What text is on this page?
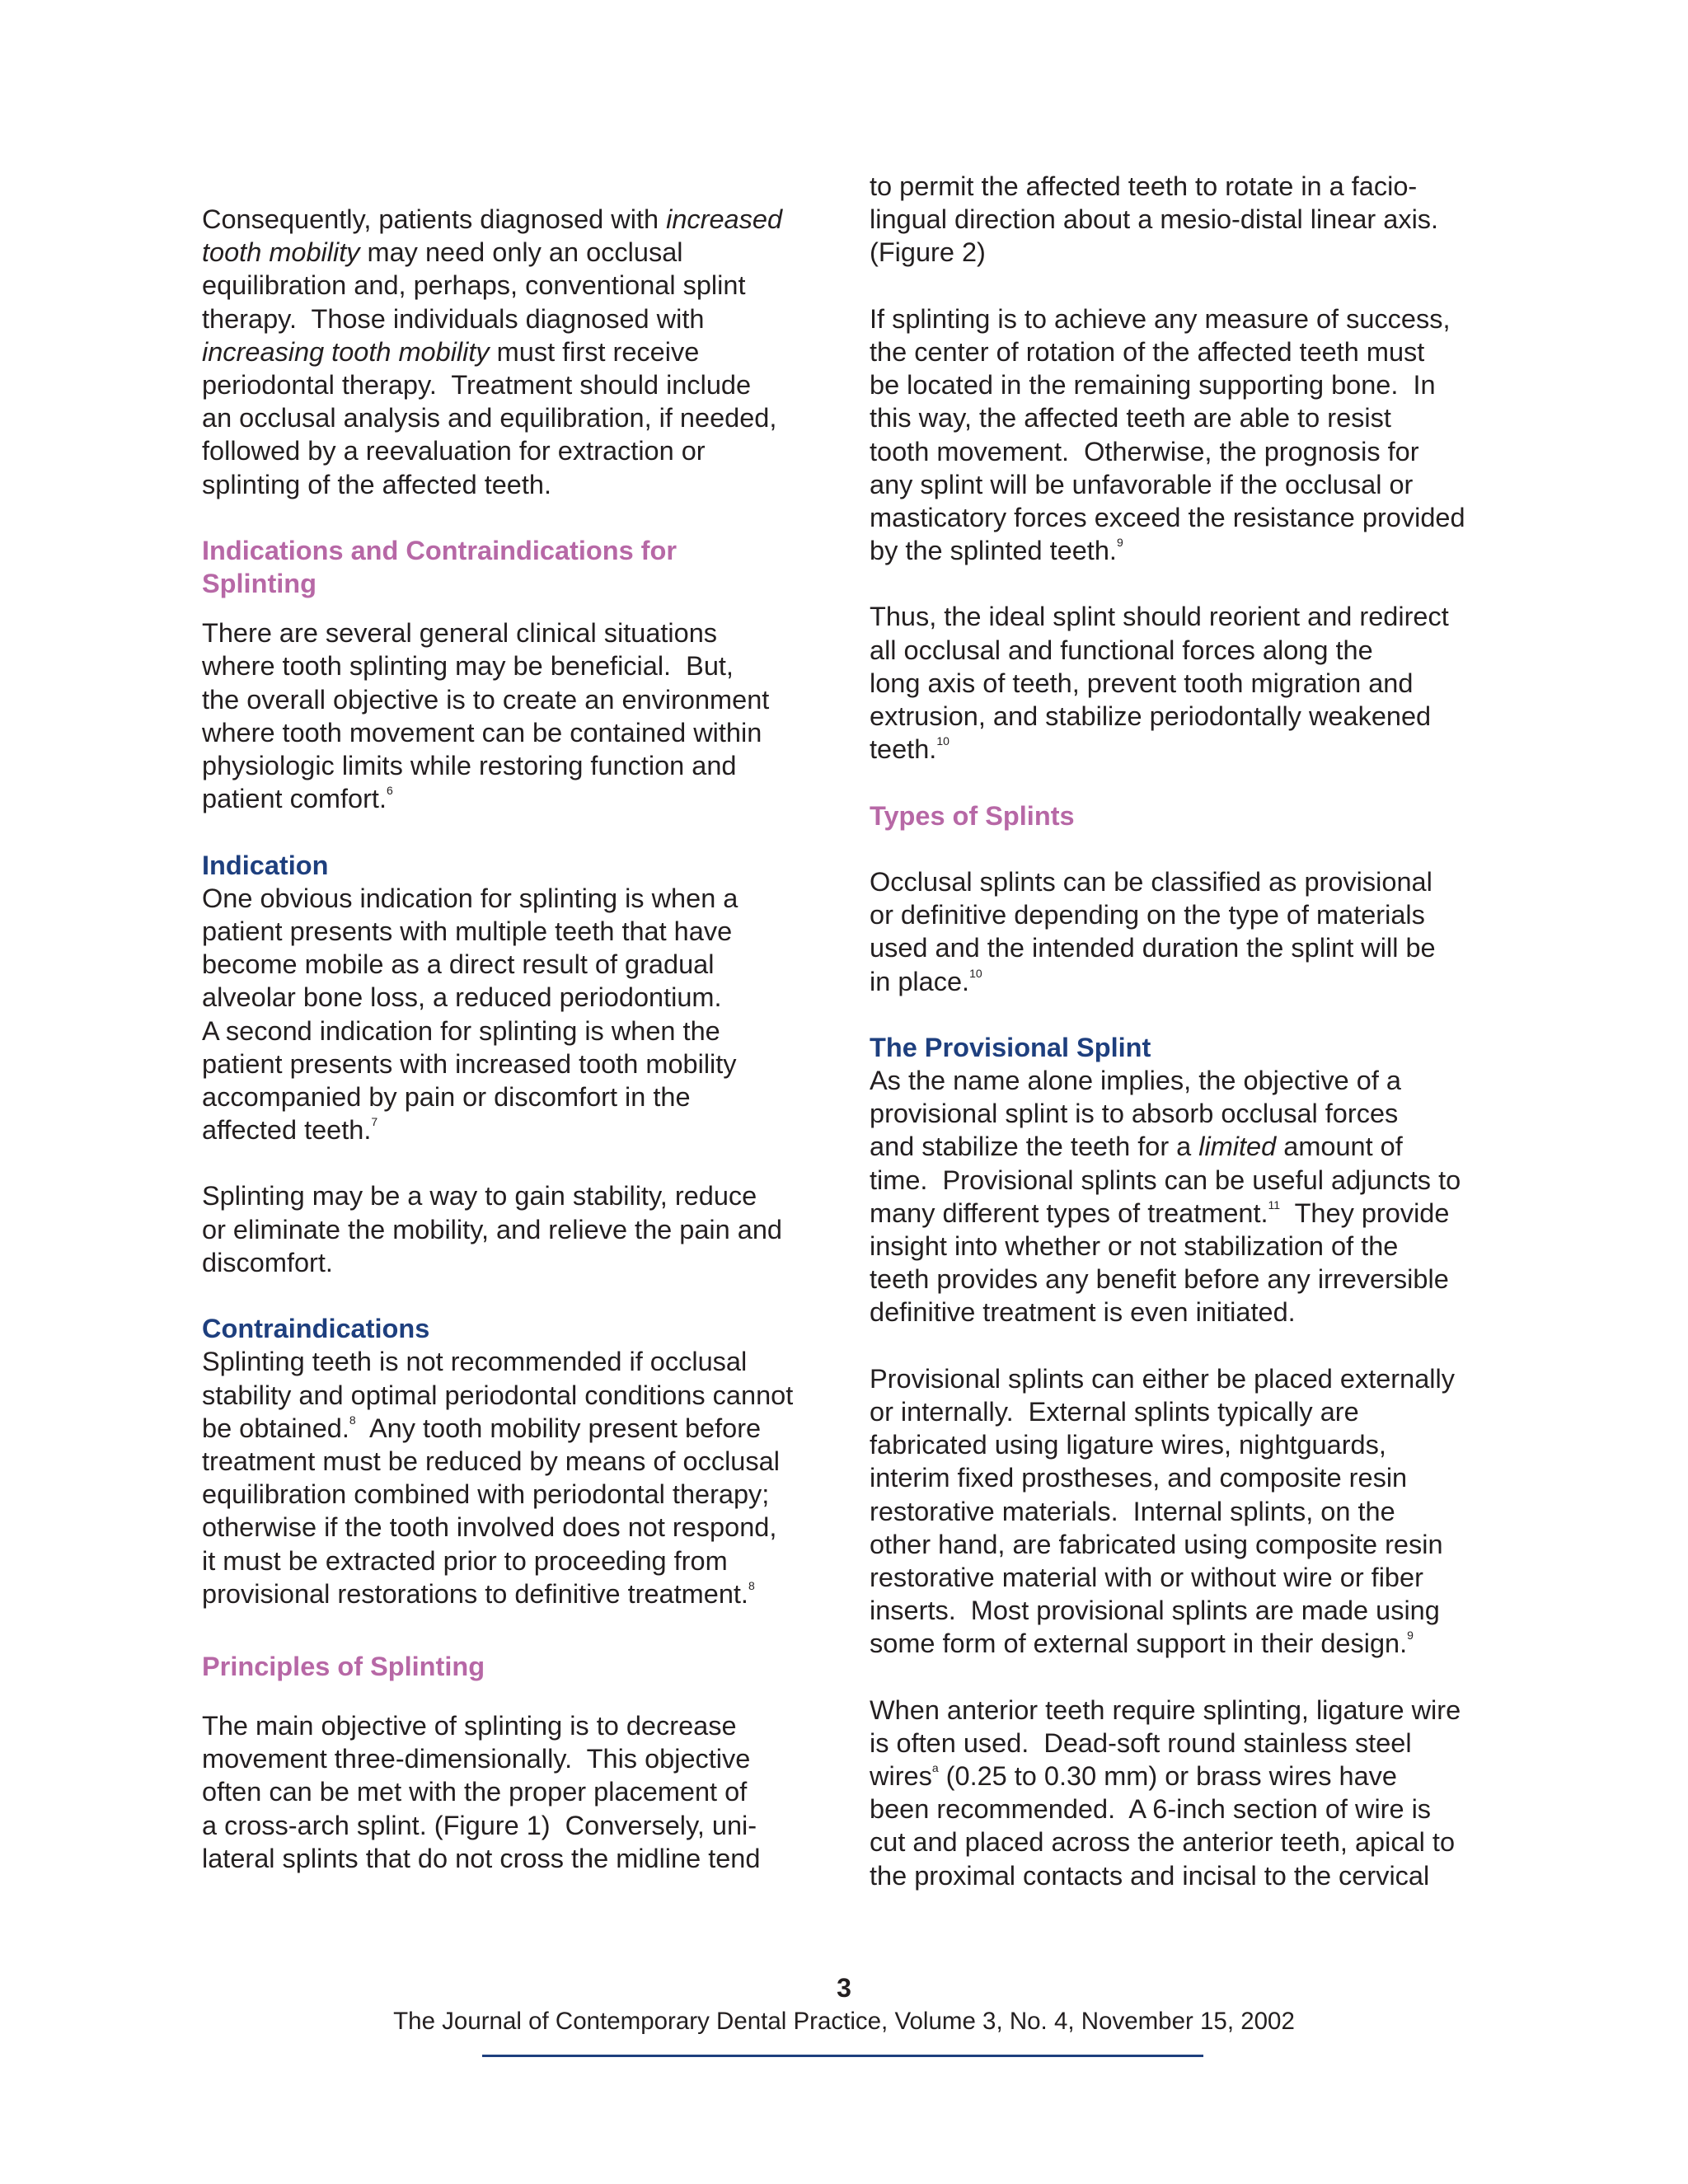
Consequently, patients diagnosed with increased
tooth mobility may need only an occlusal
equilibration and, perhaps, conventional splint
therapy.  Those individuals diagnosed with
increasing tooth mobility must first receive
periodontal therapy.  Treatment should include
an occlusal analysis and equilibration, if needed,
followed by a reevaluation for extraction or
splinting of the affected teeth.
Indications and Contraindications for
Splinting
There are several general clinical situations
where tooth splinting may be beneficial.  But,
the overall objective is to create an environment
where tooth movement can be contained within
physiologic limits while restoring function and
patient comfort.$^6$
Indication
One obvious indication for splinting is when a
patient presents with multiple teeth that have
become mobile as a direct result of gradual
alveolar bone loss, a reduced periodontium.
A second indication for splinting is when the
patient presents with increased tooth mobility
accompanied by pain or discomfort in the
affected teeth.$^7$
Splinting may be a way to gain stability, reduce
or eliminate the mobility, and relieve the pain and
discomfort.
Contraindications
Splinting teeth is not recommended if occlusal
stability and optimal periodontal conditions cannot
be obtained.$^8$  Any tooth mobility present before
treatment must be reduced by means of occlusal
equilibration combined with periodontal therapy;
otherwise if the tooth involved does not respond,
it must be extracted prior to proceeding from
provisional restorations to definitive treatment.$^8$
Principles of Splinting
The main objective of splinting is to decrease
movement three-dimensionally.  This objective
often can be met with the proper placement of
a cross-arch splint. (Figure 1)  Conversely, uni-
lateral splints that do not cross the midline tend
to permit the affected teeth to rotate in a facio-
lingual direction about a mesio-distal linear axis.
(Figure 2)
If splinting is to achieve any measure of success,
the center of rotation of the affected teeth must
be located in the remaining supporting bone.  In
this way, the affected teeth are able to resist
tooth movement.  Otherwise, the prognosis for
any splint will be unfavorable if the occlusal or
masticatory forces exceed the resistance provided
by the splinted teeth.$^9$
Thus, the ideal splint should reorient and redirect
all occlusal and functional forces along the
long axis of teeth, prevent tooth migration and
extrusion, and stabilize periodontally weakened
teeth.$^{10}$
Types of Splints
Occlusal splints can be classified as provisional
or definitive depending on the type of materials
used and the intended duration the splint will be
in place.$^{10}$
The Provisional Splint
As the name alone implies, the objective of a
provisional splint is to absorb occlusal forces
and stabilize the teeth for a limited amount of
time.  Provisional splints can be useful adjuncts to
many different types of treatment.$^{11}$  They provide
insight into whether or not stabilization of the
teeth provides any benefit before any irreversible
definitive treatment is even initiated.
Provisional splints can either be placed externally
or internally.  External splints typically are
fabricated using ligature wires, nightguards,
interim fixed prostheses, and composite resin
restorative materials.  Internal splints, on the
other hand, are fabricated using composite resin
restorative material with or without wire or fiber
inserts.  Most provisional splints are made using
some form of external support in their design.$^9$
When anterior teeth require splinting, ligature wire
is often used.  Dead-soft round stainless steel
wires$^a$ (0.25 to 0.30 mm) or brass wires have
been recommended.  A 6-inch section of wire is
cut and placed across the anterior teeth, apical to
the proximal contacts and incisal to the cervical
3
The Journal of Contemporary Dental Practice, Volume 3, No. 4, November 15, 2002
